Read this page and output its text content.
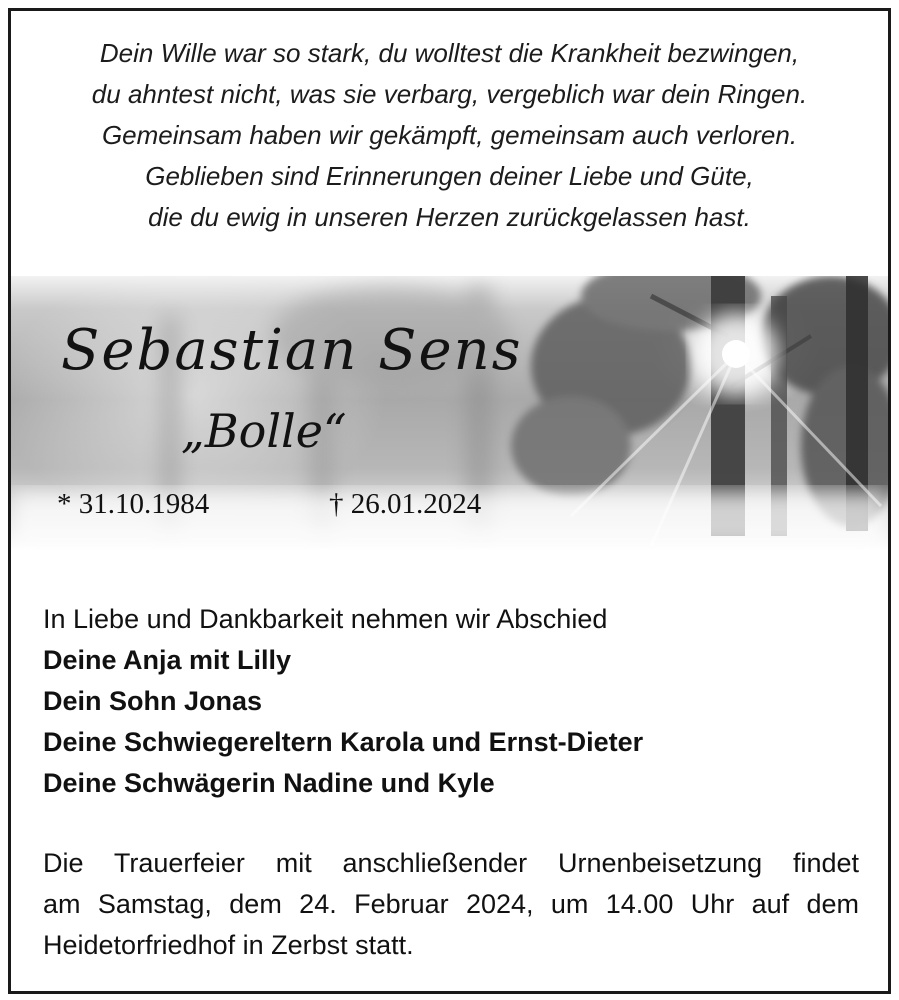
Dein Wille war so stark, du wolltest die Krankheit bezwingen,
du ahntest nicht, was sie verbarg, vergeblich war dein Ringen.
Gemeinsam haben wir gekämpft, gemeinsam auch verloren.
Geblieben sind Erinnerungen deiner Liebe und Güte,
die du ewig in unseren Herzen zurückgelassen hast.
Sebastian Sens
„Bolle“
* 31.10.1984	† 26.01.2024
In Liebe und Dankbarkeit nehmen wir Abschied
Deine Anja mit Lilly
Dein Sohn Jonas
Deine Schwiegereltern Karola und Ernst-Dieter
Deine Schwägerin Nadine und Kyle
Die Trauerfeier mit anschließender Urnenbeisetzung findet
am Samstag, dem 24. Februar 2024, um 14.00 Uhr auf dem
Heidetorfriedhof in Zerbst statt.
